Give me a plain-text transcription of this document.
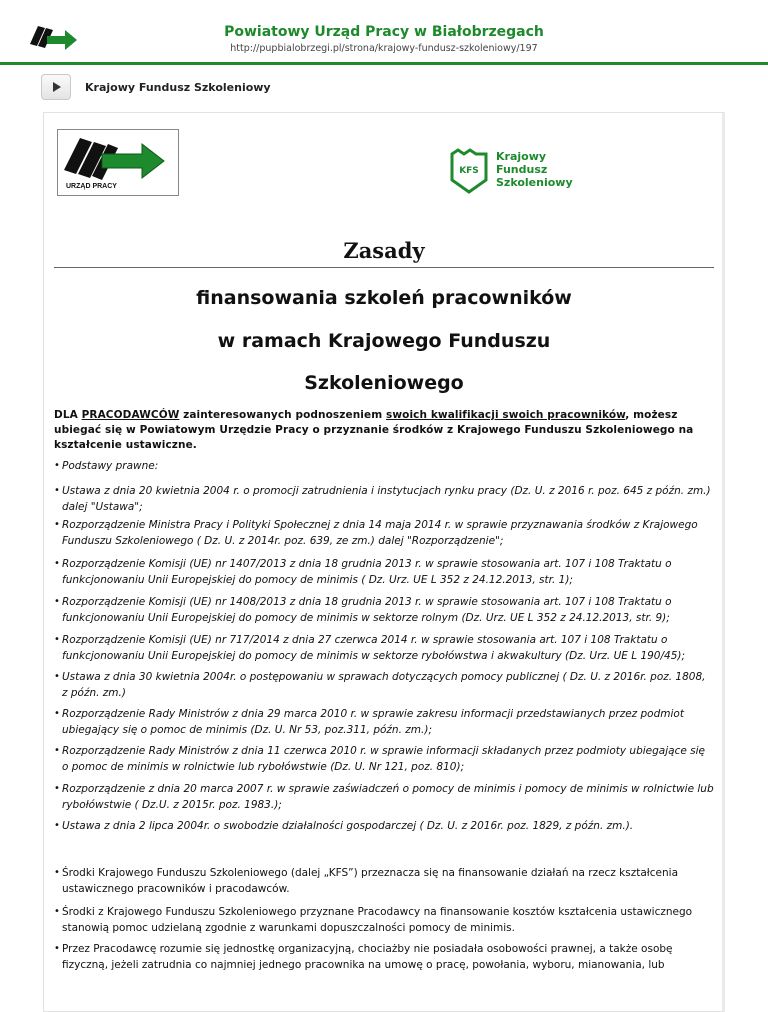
Powiatowy Urząd Pracy w Białobrzegach
http://pupbialobrzegi.pl/strona/krajowy-fundusz-szkoleniowy/197
Krajowy Fundusz Szkoleniowy
URZĄD PRACY
KFS
Krajowy
Fundusz
Szkoleniowy
Zasady
finansowania szkoleń pracowników
w ramach Krajowego Funduszu
Szkoleniowego
DLA PRACODAWCÓW zainteresowanych podnoszeniem swoich kwalifikacji swoich pracowników, możesz ubiegać się w Powiatowym Urzędzie Pracy o przyznanie środków z Krajowego Funduszu Szkoleniowego na kształcenie ustawiczne.
• Podstawy prawne:
• Ustawa z dnia 20 kwietnia 2004 r. o promocji zatrudnienia i instytucjach rynku pracy (Dz. U. z 2016 r. poz. 645 z późn. zm.) dalej "Ustawa";
• Rozporządzenie Ministra Pracy i Polityki Społecznej z dnia 14 maja 2014 r. w sprawie przyznawania środków z Krajowego Funduszu Szkoleniowego ( Dz. U. z 2014r. poz. 639, ze zm.) dalej "Rozporządzenie";
• Rozporządzenie Komisji (UE) nr 1407/2013 z dnia 18 grudnia 2013 r. w sprawie stosowania art. 107 i 108 Traktatu o funkcjonowaniu Unii Europejskiej do pomocy de minimis ( Dz. Urz. UE L 352 z 24.12.2013, str. 1);
• Rozporządzenie Komisji (UE) nr 1408/2013 z dnia 18 grudnia 2013 r. w sprawie stosowania art. 107 i 108 Traktatu o funkcjonowaniu Unii Europejskiej do pomocy de minimis w sektorze rolnym (Dz. Urz. UE L 352 z 24.12.2013, str. 9);
• Rozporządzenie Komisji (UE) nr 717/2014 z dnia 27 czerwca 2014 r. w sprawie stosowania art. 107 i 108 Traktatu o funkcjonowaniu Unii Europejskiej do pomocy de minimis w sektorze rybołówstwa i akwakultury (Dz. Urz. UE L 190/45);
• Ustawa z dnia 30 kwietnia 2004r. o postępowaniu w sprawach dotyczących pomocy publicznej ( Dz. U. z 2016r. poz. 1808, z późn. zm.)
• Rozporządzenie Rady Ministrów z dnia 29 marca 2010 r. w sprawie zakresu informacji przedstawianych przez podmiot ubiegający się o pomoc de minimis (Dz. U. Nr 53, poz.311, późn. zm.);
• Rozporządzenie Rady Ministrów z dnia 11 czerwca 2010 r. w sprawie informacji składanych przez podmioty ubiegające się o pomoc de minimis w rolnictwie lub rybołówstwie (Dz. U. Nr 121, poz. 810);
• Rozporządzenie z dnia 20 marca 2007 r. w sprawie zaświadczeń o pomocy de minimis i pomocy de minimis w rolnictwie lub rybołówstwie ( Dz.U. z 2015r. poz. 1983.);
• Ustawa z dnia 2 lipca 2004r. o swobodzie działalności gospodarczej ( Dz. U. z 2016r. poz. 1829, z późn. zm.).
• Środki Krajowego Funduszu Szkoleniowego (dalej „KFS”) przeznacza się na finansowanie działań na rzecz kształcenia ustawicznego pracowników i pracodawców.
• Środki z Krajowego Funduszu Szkoleniowego przyznane Pracodawcy na finansowanie kosztów kształcenia ustawicznego stanowią pomoc udzielaną zgodnie z warunkami dopuszczalności pomocy de minimis.
• Przez Pracodawcę rozumie się jednostkę organizacyjną, chociażby nie posiadała osobowości prawnej, a także osobę fizyczną, jeżeli zatrudnia co najmniej jednego pracownika na umowę o pracę, powołania, wyboru, mianowania, lub
